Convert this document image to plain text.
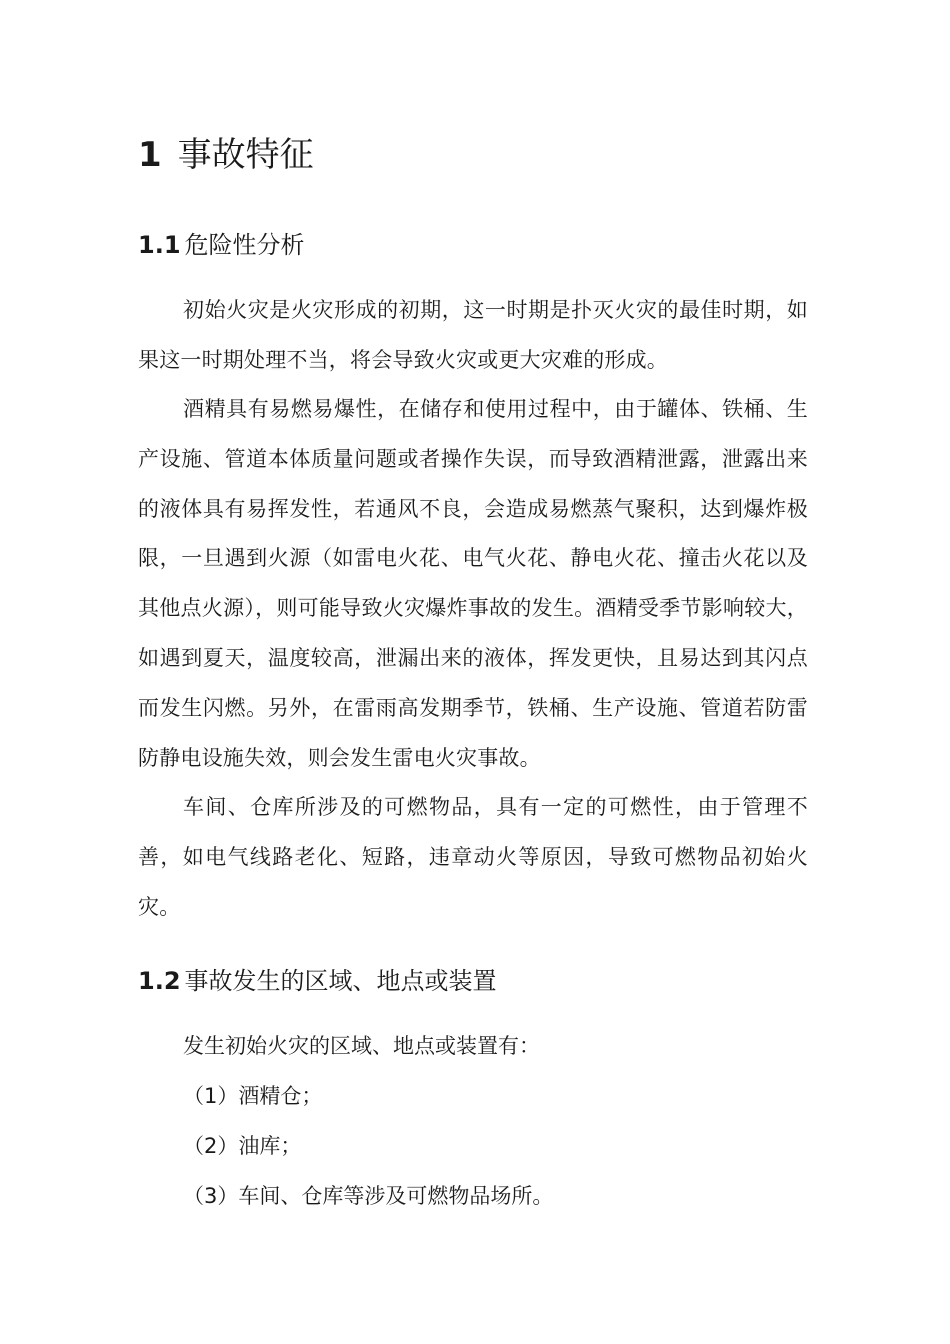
1 事故特征
1.1 危险性分析

初始火灾是火灾形成的初期，这一时期是扑灭火灾的最佳时期，如果这一时期处理不当，将会导致火灾或更大灾难的形成。

酒精具有易燃易爆性，在储存和使用过程中，由于罐体、铁桶、生产设施、管道本体质量问题或者操作失误，而导致酒精泄露，泄露出来的液体具有易挥发性，若通风不良，会造成易燃蒸气聚积，达到爆炸极限，一旦遇到火源（如雷电火花、电气火花、静电火花、撞击火花以及其他点火源），则可能导致火灾爆炸事故的发生。酒精受季节影响较大，如遇到夏天，温度较高，泄漏出来的液体，挥发更快，且易达到其闪点而发生闪燃。另外，在雷雨高发期季节，铁桶、生产设施、管道若防雷防静电设施失效，则会发生雷电火灾事故。

车间、仓库所涉及的可燃物品，具有一定的可燃性，由于管理不善，如电气线路老化、短路，违章动火等原因，导致可燃物品初始火灾。

1.2 事故发生的区域、地点或装置

发生初始火灾的区域、地点或装置有：

（1）酒精仓；

（2）油库；

（3）车间、仓库等涉及可燃物品场所。
